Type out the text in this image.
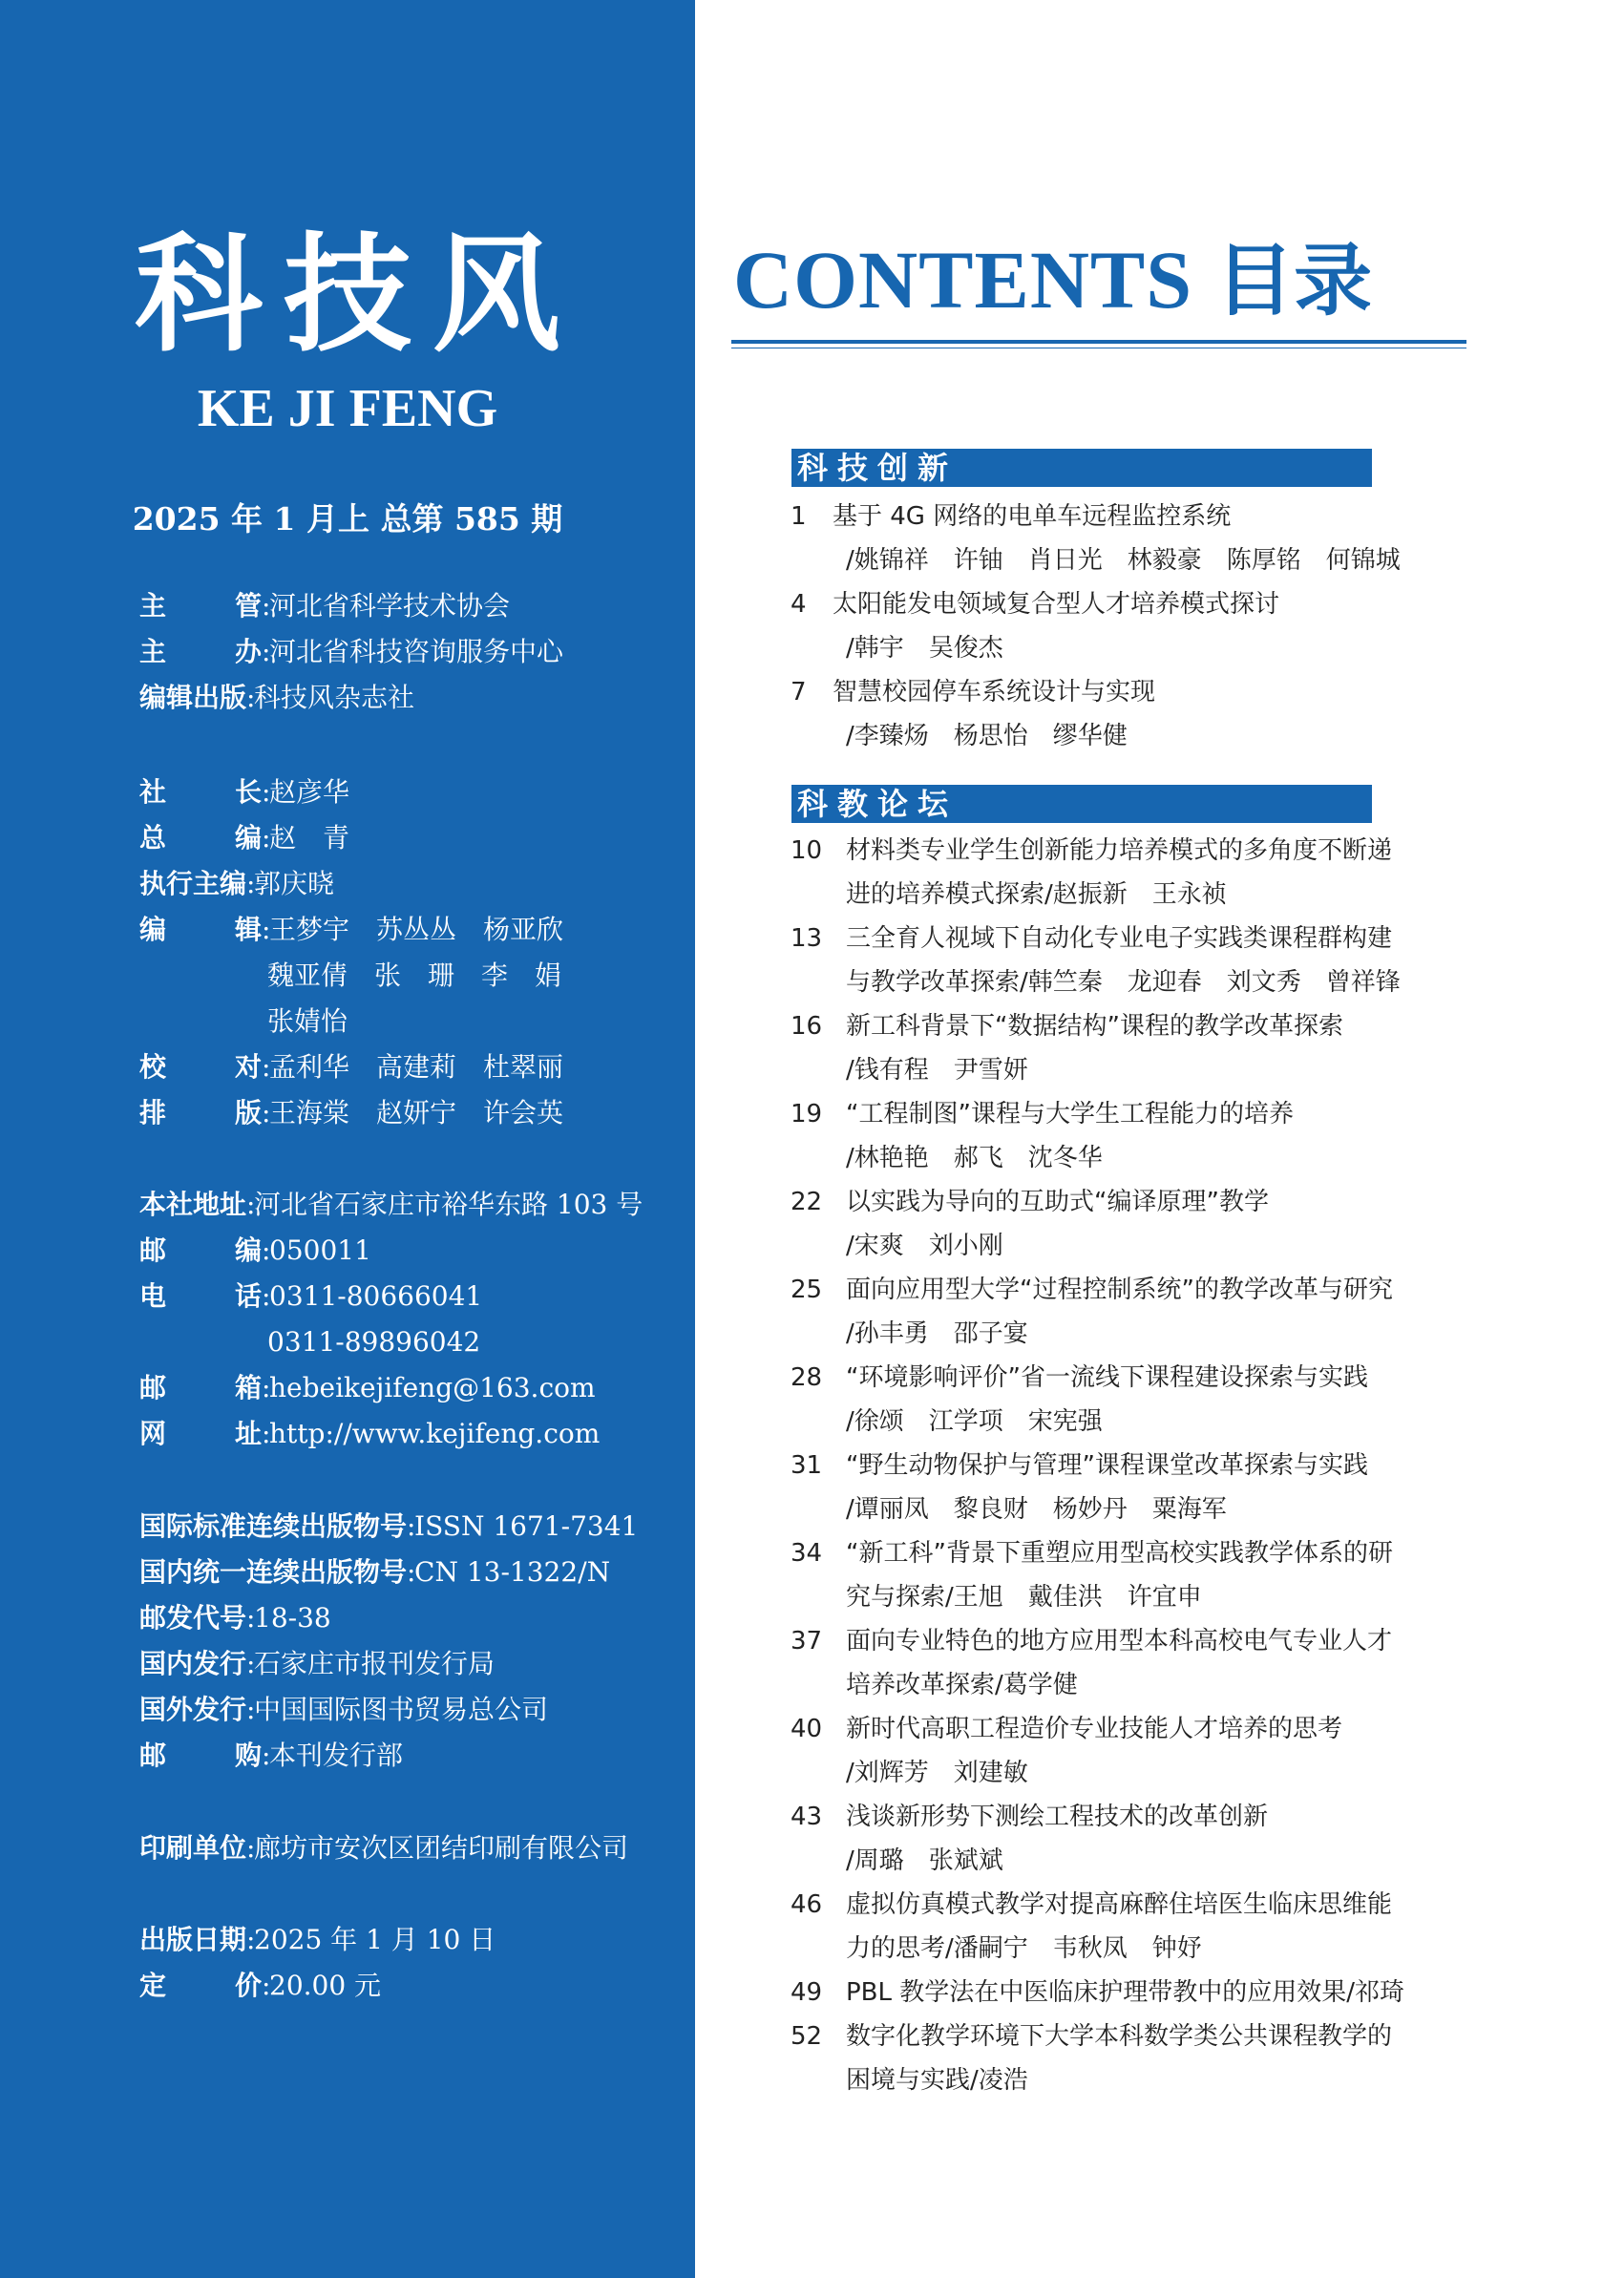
科技风
KE JI FENG
2025 年 1 月上 总第 585 期
主管:河北省科学技术协会
主办:河北省科技咨询服务中心
编辑出版:科技风杂志社
社长:赵彦华
总编:赵　青
执行主编:郭庆晓
编辑:王梦宇　苏丛丛　杨亚欣
魏亚倩　张　珊　李　娟
张婧怡
校对:孟利华　高建莉　杜翠丽
排版:王海棠　赵妍宁　许会英
本社地址:河北省石家庄市裕华东路 103 号
邮编:050011
电话:0311-80666041
0311-89896042
邮箱:hebeikejifeng@163.com
网址:http://www.kejifeng.com
国际标准连续出版物号:ISSN 1671-7341
国内统一连续出版物号:CN 13-1322/N
邮发代号:18-38
国内发行:石家庄市报刊发行局
国外发行:中国国际图书贸易总公司
邮购:本刊发行部
印刷单位:廊坊市安次区团结印刷有限公司
出版日期:2025 年 1 月 10 日
定价:20.00 元
CONTENTS 目录
科技创新
科教论坛
1	基于 4G 网络的电单车远程监控系统
/姚锦祥　许铀　肖日光　林毅豪　陈厚铭　何锦城
4	太阳能发电领域复合型人才培养模式探讨
/韩宇　吴俊杰
7	智慧校园停车系统设计与实现
/李臻炀　杨思怡　缪华健
10 材料类专业学生创新能力培养模式的多角度不断递
进的培养模式探索/赵振新　王永祯
13 三全育人视域下自动化专业电子实践类课程群构建
与教学改革探索/韩竺秦　龙迎春　刘文秀　曾祥锋
16 新工科背景下“数据结构”课程的教学改革探索
/钱有程　尹雪妍
19 “工程制图”课程与大学生工程能力的培养
/林艳艳　郝飞　沈冬华
22 以实践为导向的互助式“编译原理”教学
/宋爽　刘小刚
25 面向应用型大学“过程控制系统”的教学改革与研究
/孙丰勇　邵子宴
28 “环境影响评价”省一流线下课程建设探索与实践
/徐颂　江学项　宋宪强
31 “野生动物保护与管理”课程课堂改革探索与实践
/谭丽凤　黎良财　杨妙丹　粟海军
34 “新工科”背景下重塑应用型高校实践教学体系的研
究与探索/王旭　戴佳洪　许宜申
37 面向专业特色的地方应用型本科高校电气专业人才
培养改革探索/葛学健
40 新时代高职工程造价专业技能人才培养的思考
/刘辉芳　刘建敏
43 浅谈新形势下测绘工程技术的改革创新
/周璐　张斌斌
46 虚拟仿真模式教学对提高麻醉住培医生临床思维能
力的思考/潘嗣宁　韦秋凤　钟妤
49 PBL 教学法在中医临床护理带教中的应用效果/祁琦
52 数字化教学环境下大学本科数学类公共课程教学的
困境与实践/凌浩
